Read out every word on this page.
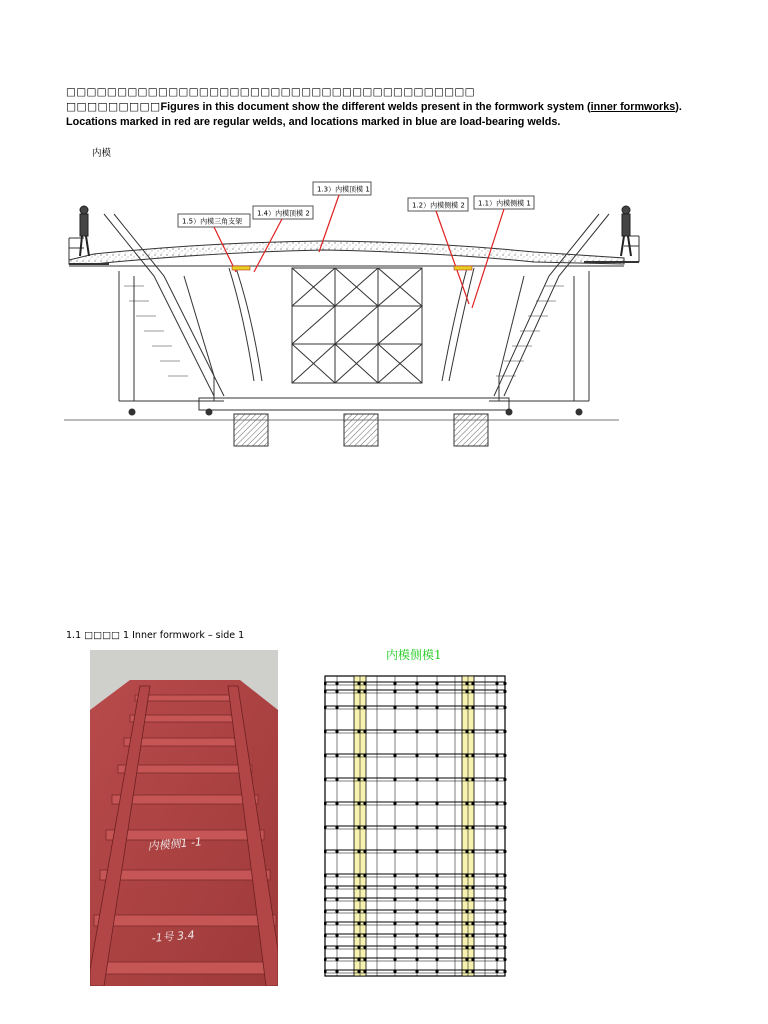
□□□□□□□□□□□□□□□□□□□□□□□□□□□□□□□□□□□□□□□□
□□□□□□□□□Figures in this document show the different welds present in the formwork system (inner formworks). Locations marked in red are regular welds, and locations marked in blue are load-bearing welds.
内模
1.3）内模顶模 1
1.2）内模侧模 2 1.1）内模侧模 1
1.5）内模三角支架
1.4）内模顶模 2
1.1 □□□□ 1 Inner formwork – side 1
内模侧1 -1
-1号 3.4
内模侧模1
